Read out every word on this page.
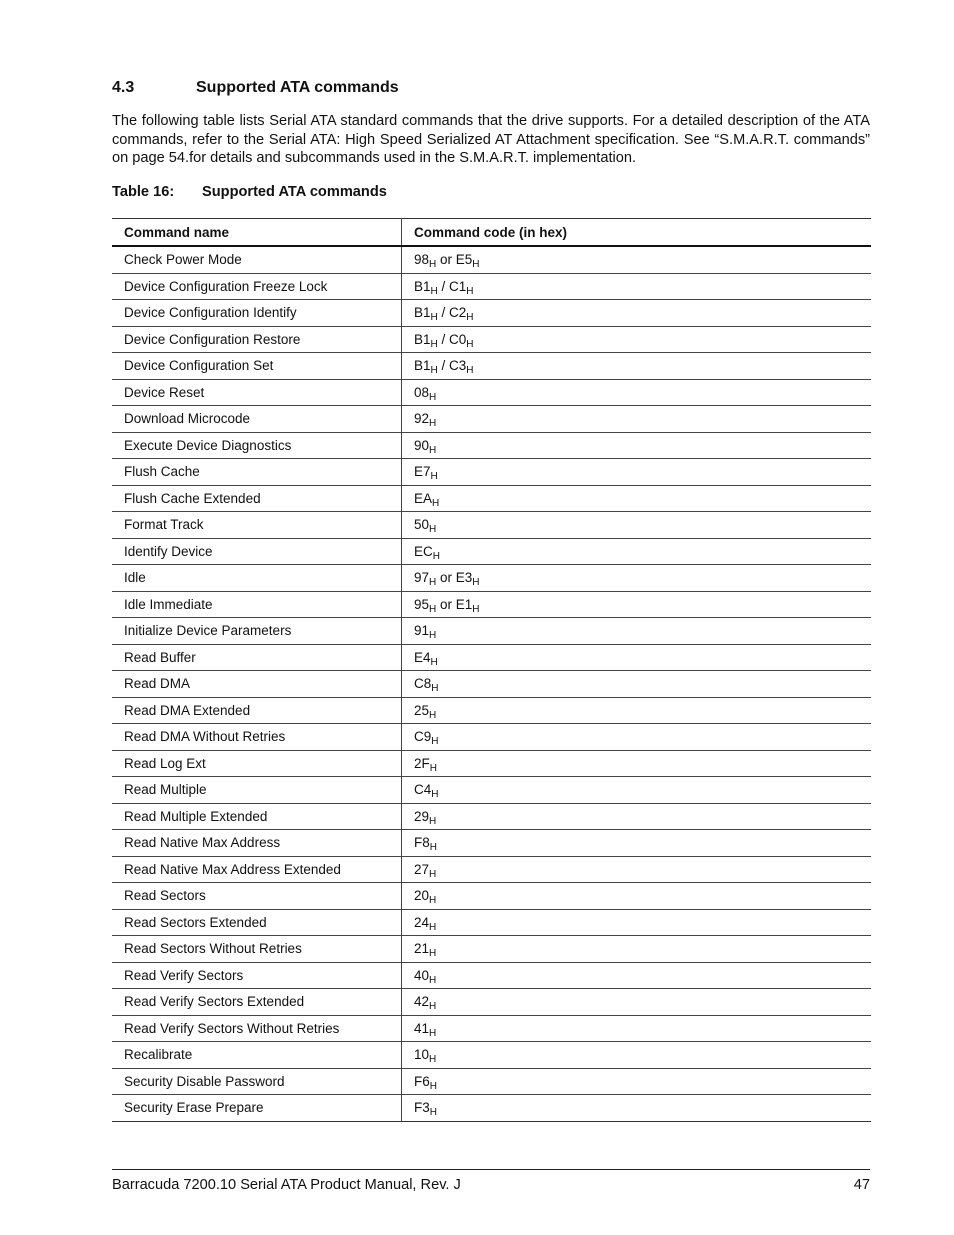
4.3	Supported ATA commands

The following table lists Serial ATA standard commands that the drive supports. For a detailed description of the ATA commands, refer to the Serial ATA: High Speed Serialized AT Attachment specification. See “S.M.A.R.T. commands” on page 54.for details and subcommands used in the S.M.A.R.T. implementation.

Table 16: Supported ATA commands
Command name	Command code (in hex)
Check Power Mode	$98_H$ or $E5_H$
Device Configuration Freeze Lock	$B1_H / C1_H$
Device Configuration Identify	$B1_H / C2_H$
Device Configuration Restore	$B1_H / C0_H$
Device Configuration Set	$B1_H / C3_H$
Device Reset	$08_H$
Download Microcode	$92_H$
Execute Device Diagnostics	$90_H$
Flush Cache	$E7_H$
Flush Cache Extended	$EA_H$
Format Track	$50_H$
Identify Device	$EC_H$
Idle	$97_H$ or $E3_H$
Idle Immediate	$95_H$ or $E1_H$
Initialize Device Parameters	$91_H$
Read Buffer	$E4_H$
Read DMA	$C8_H$
Read DMA Extended	$25_H$
Read DMA Without Retries	$C9_H$
Read Log Ext	$2F_H$
Read Multiple	$C4_H$
Read Multiple Extended	$29_H$
Read Native Max Address	$F8_H$
Read Native Max Address Extended	$27_H$
Read Sectors	$20_H$
Read Sectors Extended	$24_H$
Read Sectors Without Retries	$21_H$
Read Verify Sectors	$40_H$
Read Verify Sectors Extended	$42_H$
Read Verify Sectors Without Retries	$41_H$
Recalibrate	$10_H$
Security Disable Password	$F6_H$
Security Erase Prepare	$F3_H$
Barracuda 7200.10 Serial ATA Product Manual, Rev. J	47
